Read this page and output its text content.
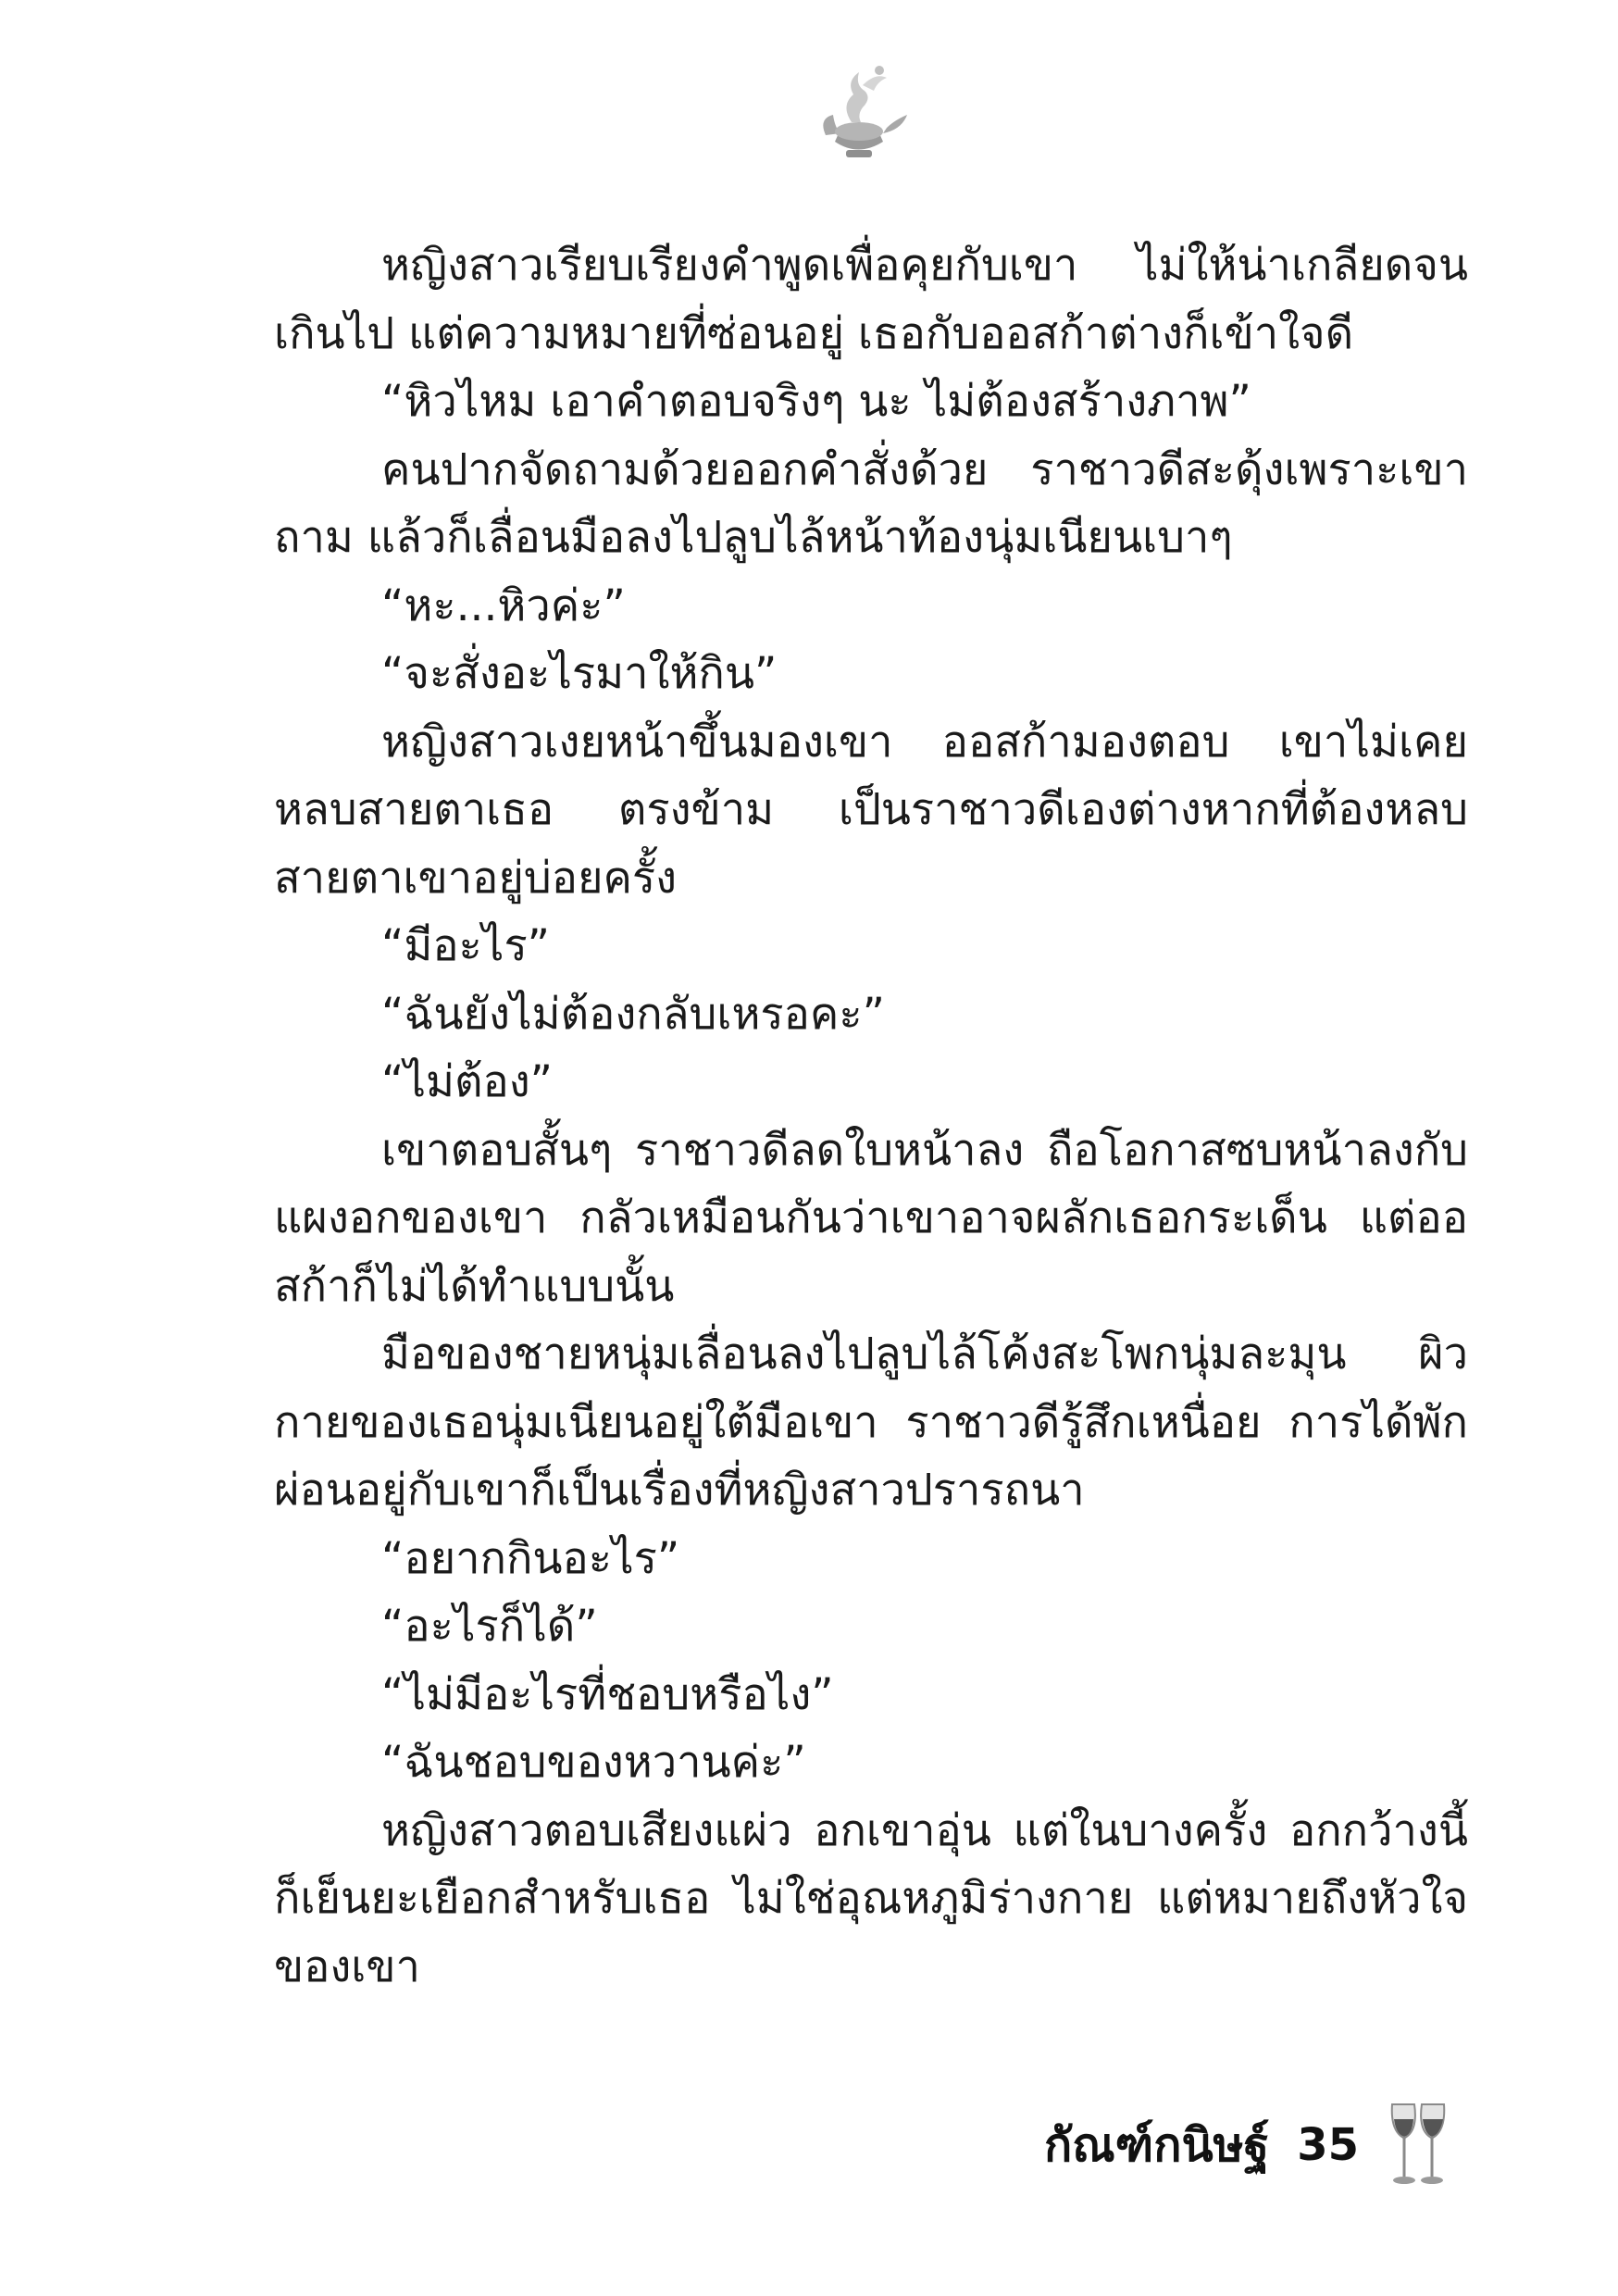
หญิงสาวเรียบเรียงคำพูดเพื่อคุยกับเขา ไม่ให้น่าเกลียดจนเกินไป แต่ความหมายที่ซ่อนอยู่ เธอกับออสก้าต่างก็เข้าใจดี

“หิวไหม เอาคำตอบจริงๆ นะ ไม่ต้องสร้างภาพ”

คนปากจัดถามด้วยออกคำสั่งด้วย ราชาวดีสะดุ้งเพราะเขาถาม แล้วก็เลื่อนมือลงไปลูบไล้หน้าท้องนุ่มเนียนเบาๆ

“หะ...หิวค่ะ”

“จะสั่งอะไรมาให้กิน”

หญิงสาวเงยหน้าขึ้นมองเขา ออสก้ามองตอบ เขาไม่เคยหลบสายตาเธอ ตรงข้าม เป็นราชาวดีเองต่างหากที่ต้องหลบสายตาเขาอยู่บ่อยครั้ง

“มีอะไร”

“ฉันยังไม่ต้องกลับเหรอคะ”

“ไม่ต้อง”

เขาตอบสั้นๆ ราชาวดีลดใบหน้าลง ถือโอกาสซบหน้าลงกับแผงอกของเขา กลัวเหมือนกันว่าเขาอาจผลักเธอกระเด็น แต่ออสก้าก็ไม่ได้ทำแบบนั้น

มือของชายหนุ่มเลื่อนลงไปลูบไล้โค้งสะโพกนุ่มละมุน ผิวกายของเธอนุ่มเนียนอยู่ใต้มือเขา ราชาวดีรู้สึกเหนื่อย การได้พักผ่อนอยู่กับเขาก็เป็นเรื่องที่หญิงสาวปรารถนา

“อยากกินอะไร”

“อะไรก็ได้”

“ไม่มีอะไรที่ชอบหรือไง”

“ฉันชอบของหวานค่ะ”

หญิงสาวตอบเสียงแผ่ว อกเขาอุ่น แต่ในบางครั้ง อกกว้างนี้ก็เย็นยะเยือกสำหรับเธอ ไม่ใช่อุณหภูมิร่างกาย แต่หมายถึงหัวใจของเขา

กัณฑ์กนิษฐ์ 35
